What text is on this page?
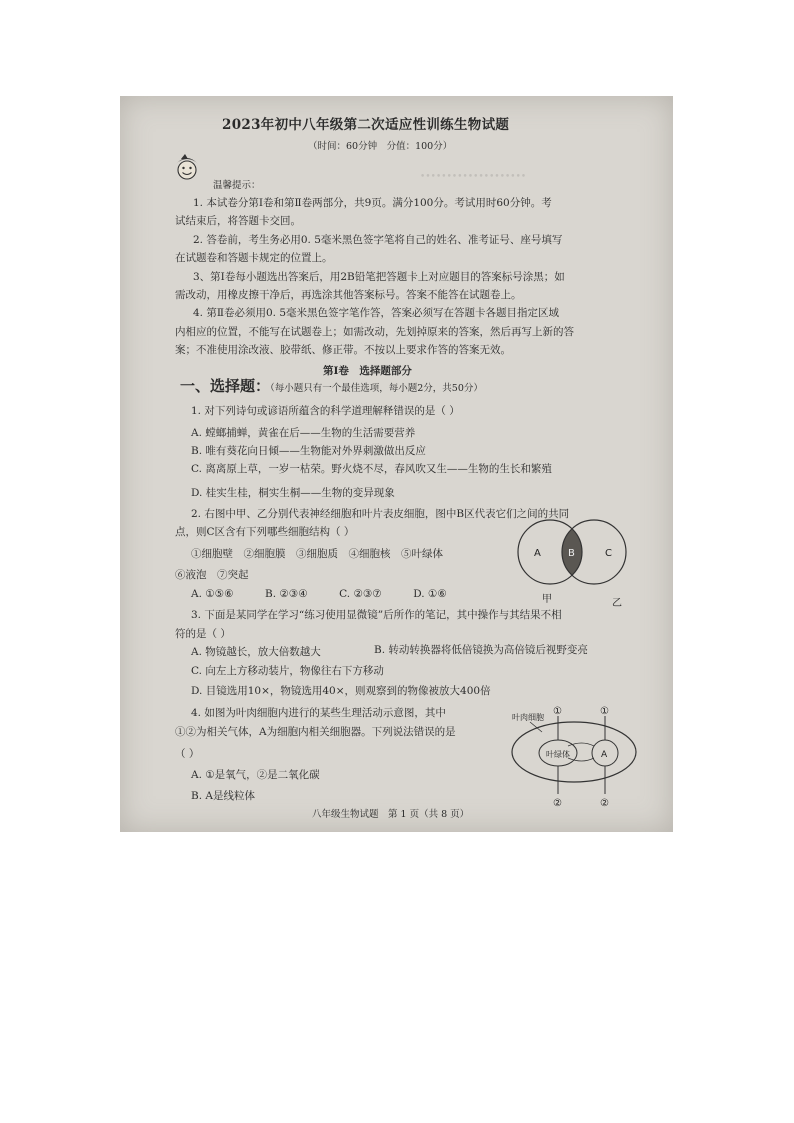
••••••••••••••••••••
2023年初中八年级第二次适应性训练生物试题
（时间：60分钟　分值：100分）
温馨提示：
1. 本试卷分第Ⅰ卷和第Ⅱ卷两部分，共9页。满分100分。考试用时60分钟。考
试结束后，将答题卡交回。
2. 答卷前，考生务必用0. 5毫米黑色签字笔将自己的姓名、准考证号、座号填写
在试题卷和答题卡规定的位置上。
3、第Ⅰ卷每小题选出答案后，用2B铅笔把答题卡上对应题目的答案标号涂黑；如
需改动，用橡皮擦干净后，再选涂其他答案标号。答案不能答在试题卷上。
4. 第Ⅱ卷必须用0. 5毫米黑色签字笔作答，答案必须写在答题卡各题目指定区域
内相应的位置，不能写在试题卷上；如需改动，先划掉原来的答案，然后再写上新的答
案；不准使用涂改液、胶带纸、修正带。不按以上要求作答的答案无效。
第Ⅰ卷　选择题部分
一、选择题：（每小题只有一个最佳选项，每小题2分，共50分）
1. 对下列诗句或谚语所蕴含的科学道理解释错误的是（ ）
A. 螳螂捕蝉，黄雀在后——生物的生活需要营养
B. 唯有葵花向日倾——生物能对外界刺激做出反应
C. 离离原上草，一岁一枯荣。野火烧不尽，春风吹又生——生物的生长和繁殖
D. 桂实生桂，桐实生桐——生物的变异现象
2. 右图中甲、乙分别代表神经细胞和叶片表皮细胞，图中B区代表它们之间的共同
点，则C区含有下列哪些细胞结构（ ）
①细胞壁　②细胞膜　③细胞质　④细胞核　⑤叶绿体
⑥液泡　⑦突起
A. ①⑤⑥　　　B. ②③④　　　C. ②③⑦　　　D. ①⑥
A	B	C
甲	乙
3. 下面是某同学在学习“练习使用显微镜”后所作的笔记，其中操作与其结果不相
符的是（ ）
A. 物镜越长，放大倍数越大	B. 转动转换器将低倍镜换为高倍镜后视野变亮
C. 向左上方移动装片，物像往右下方移动
D. 目镜选用10×，物镜选用40×，则观察到的物像被放大400倍
4. 如图为叶肉细胞内进行的某些生理活动示意图，其中
①②为相关气体，A为细胞内相关细胞器。下列说法错误的是
（ ）
A. ①是氧气，②是二氧化碳
B. A是线粒体
叶绿体	A
叶肉细胞
①	①
②	②
八年级生物试题　第 1 页（共 8 页）
